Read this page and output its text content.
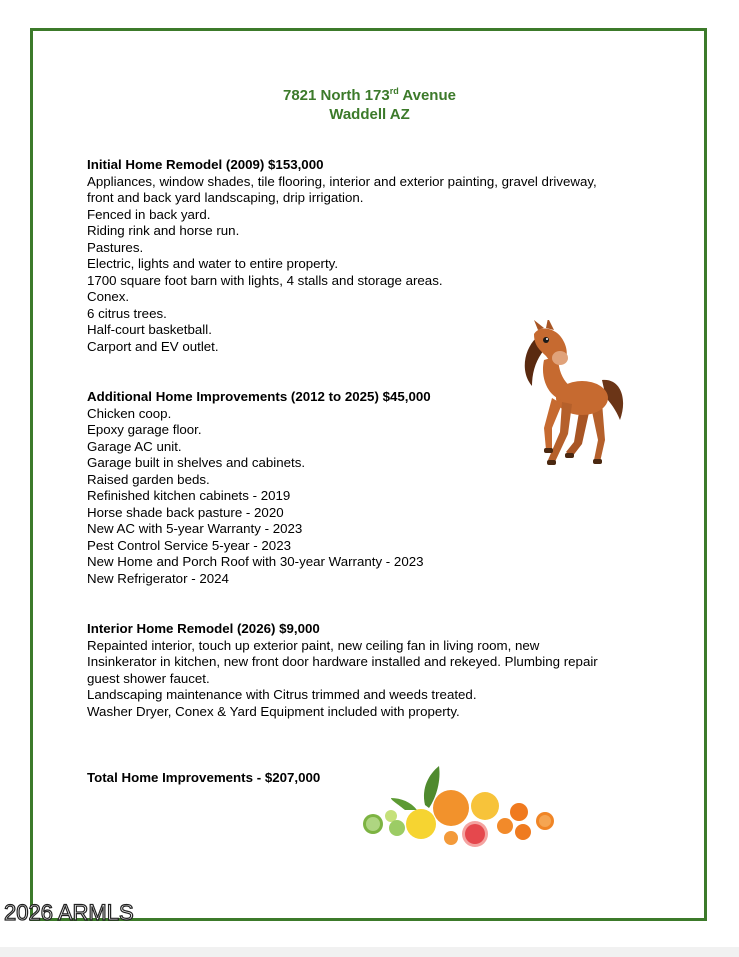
7821 North 173rd Avenue
Waddell AZ
Initial Home Remodel (2009) $153,000
Appliances, window shades, tile flooring, interior and exterior painting, gravel driveway,
front and back yard landscaping, drip irrigation.
Fenced in back yard.
Riding rink and horse run.
Pastures.
Electric, lights and water to entire property.
1700 square foot barn with lights, 4 stalls and storage areas.
Conex.
6 citrus trees.
Half-court basketball.
Carport and EV outlet.
Additional Home Improvements (2012 to 2025) $45,000
Chicken coop.
Epoxy garage floor.
Garage AC unit.
Garage built in shelves and cabinets.
Raised garden beds.
Refinished kitchen cabinets - 2019
Horse shade back pasture - 2020
New AC with 5-year Warranty - 2023
Pest Control Service 5-year - 2023
New Home and Porch Roof with 30-year Warranty - 2023
New Refrigerator - 2024
Interior Home Remodel (2026) $9,000
Repainted interior, touch up exterior paint, new ceiling fan in living room, new
Insinkerator in kitchen, new front door hardware installed and rekeyed. Plumbing repair
guest shower faucet.
Landscaping maintenance with Citrus trimmed and weeds treated.
Washer Dryer, Conex & Yard Equipment included with property.
Total Home Improvements - $207,000
2026 ARMLS
